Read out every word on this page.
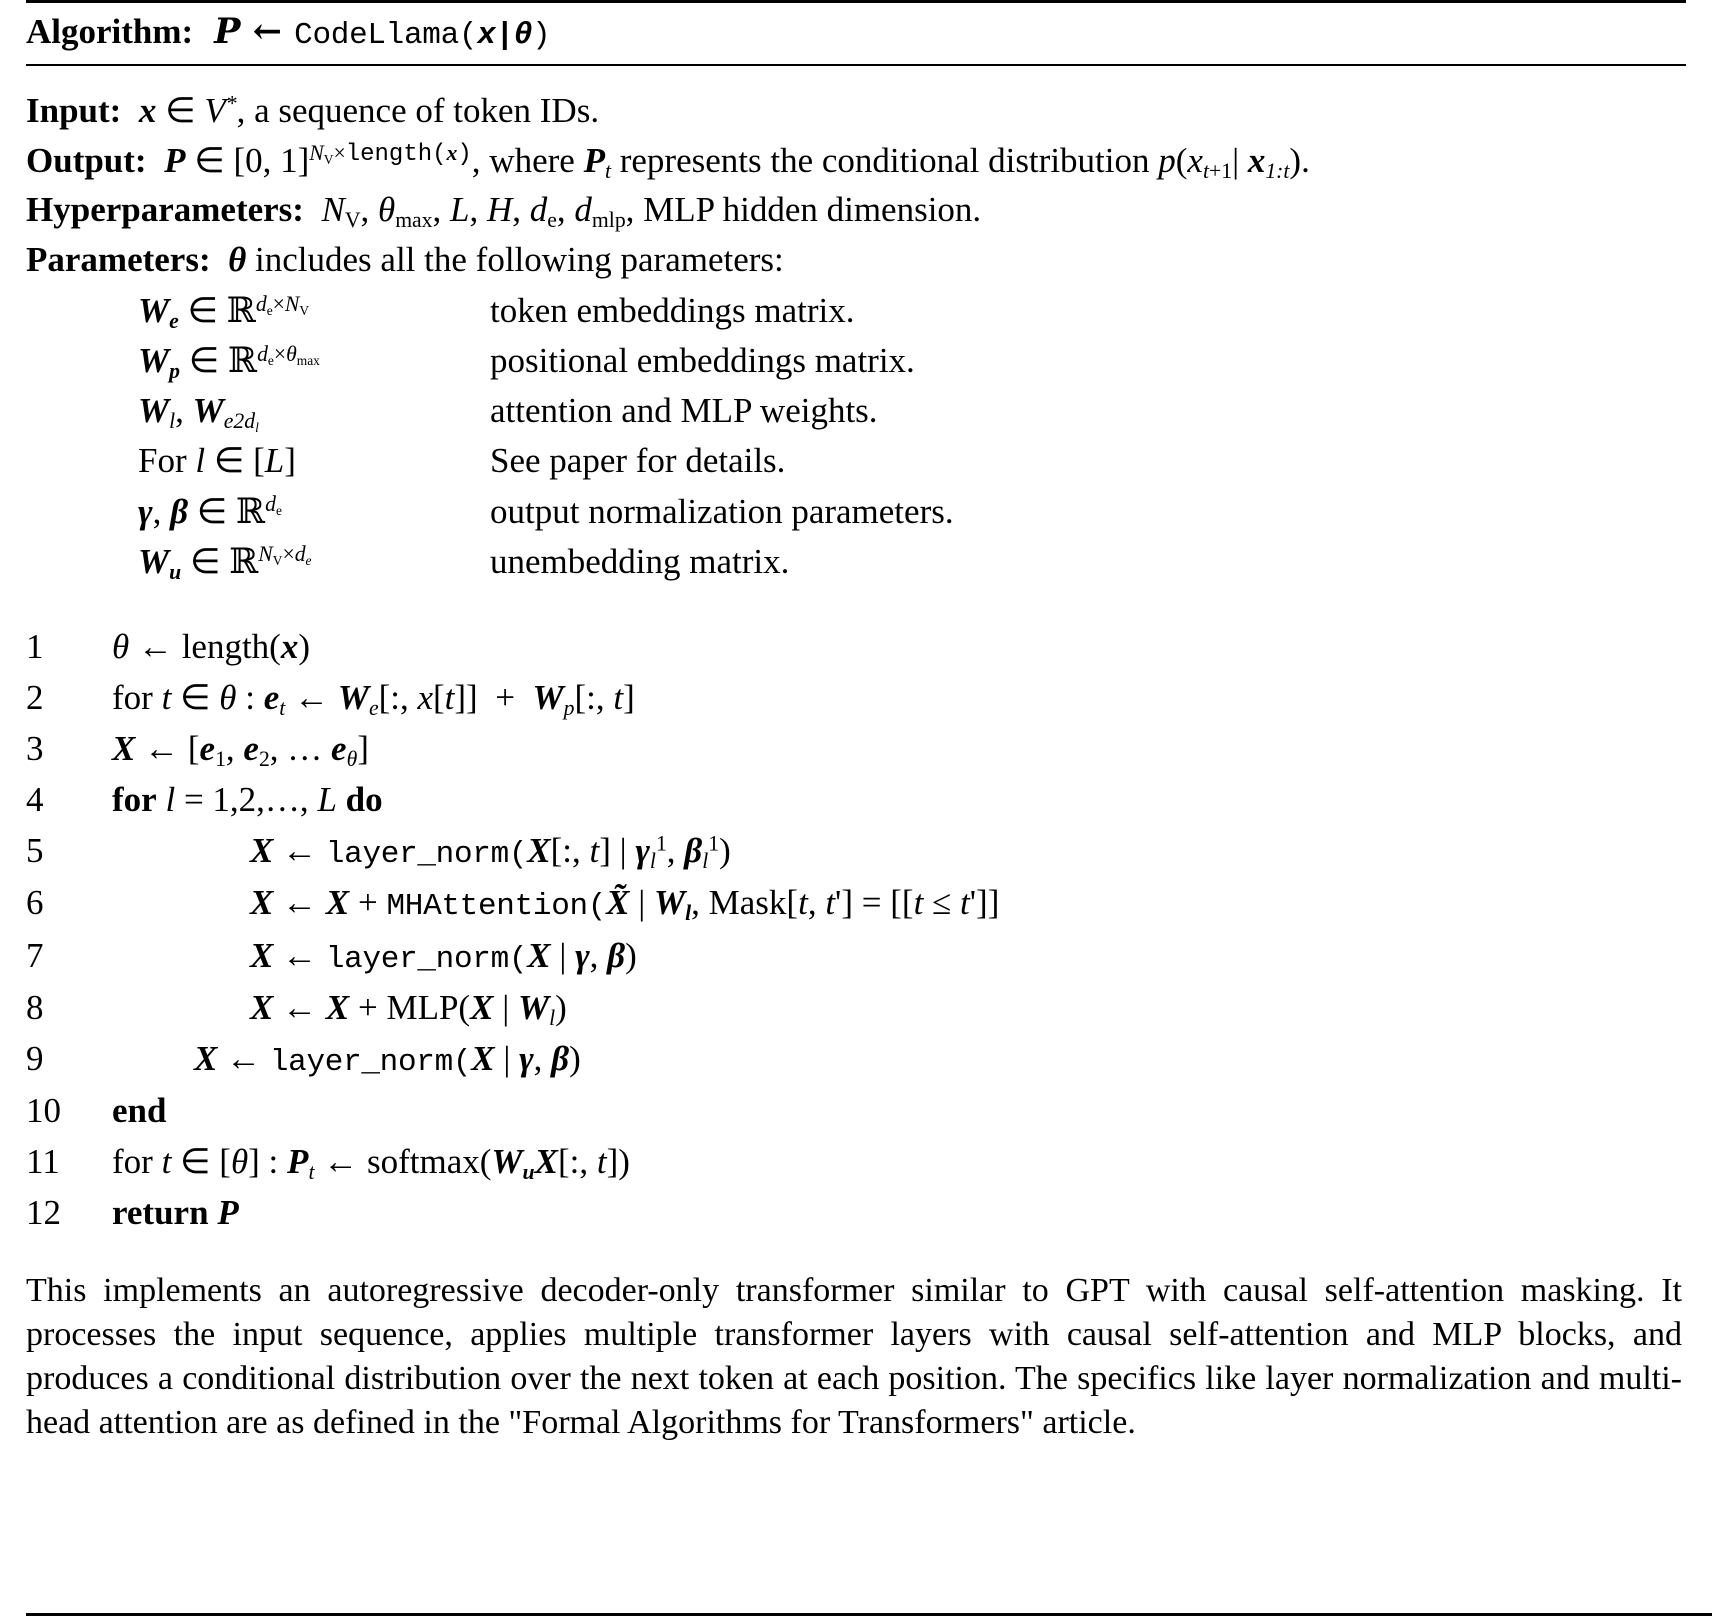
Algorithm:  P ← CodeLlama(x|θ)
Input:  x ∈ V*, a sequence of token IDs.
Output:  P ∈ [0, 1]$^{N_V\times length(x)}$, where $P_t$ represents the conditional distribution $p(x_{t+1}|$ $x_{1:t}$).
Hyperparameters: $N_V$, $\theta_{max}$, L, H, $d_e$, $d_{mlp}$, MLP hidden dimension.
Parameters: θ includes all the following parameters:
$W_e$ ∈ ℝ$^{d_e\times N_V}$	token embeddings matrix.
$W_p$ ∈ ℝ$^{d_e\times\theta_{max}}$	positional embeddings matrix.
$W_l$, $W_{e2d_l}$	attention and MLP weights.
For l ∈ [L]	See paper for details.
γ, β ∈ ℝ$^{d_e}$	output normalization parameters.
$W_u$ ∈ ℝ$^{N_V\times d_e}$	unembedding matrix.
1	θ ← length(x)
2	for t ∈ θ : $e_t$ ← $W_e$[:, $x[t]] + W_p$[:, t]
3	X ← [$e_1$, $e_2$, … $e_\theta$]
4	for l = 1,2,…, L do
5	X ← layer_norm(X[:, t] | $\gamma_l^1$, $\beta_l^1$)
6	X ← X + MHAttention(X̃ | $W_l$, Mask[t, t'] = [[t ≤ t']]
7	X ← layer_norm(X | γ, β)
8	X ← X + MLP(X | $W_l$)
9	X ← layer_norm(X | γ, β)
10	end
11	for t ∈ [θ] : $P_t$ ← $softmax(W_uX$[:, t])
12	return P
This implements an autoregressive decoder-only transformer similar to GPT with causal self-attention masking. It processes the input sequence, applies multiple transformer layers with causal self-attention and MLP blocks, and produces a conditional distribution over the next token at each position. The specifics like layer normalization and multi-head attention are as defined in the "Formal Algorithms for Transformers" article.
